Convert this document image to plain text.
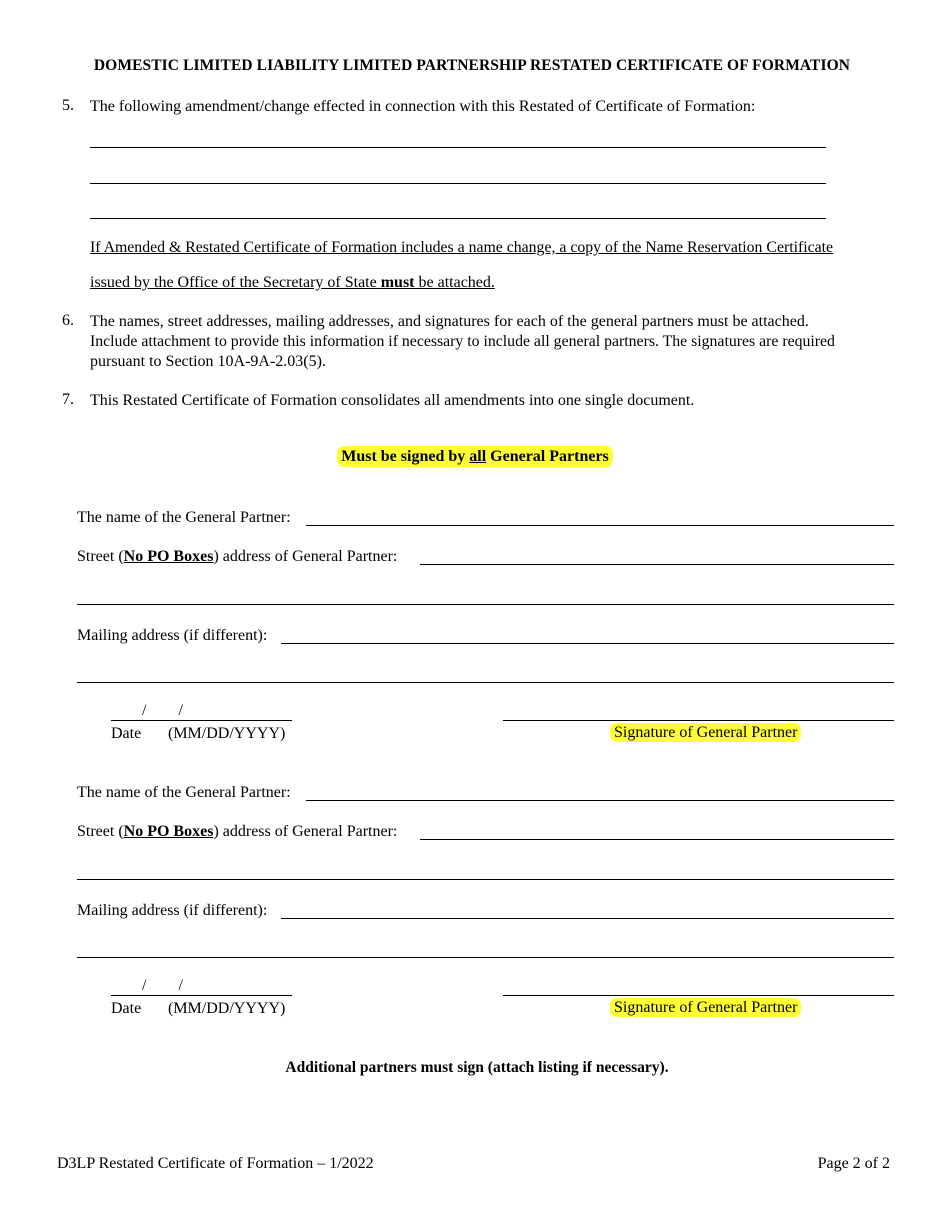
DOMESTIC LIMITED LIABILITY LIMITED PARTNERSHIP RESTATED CERTIFICATE OF FORMATION
5. The following amendment/change effected in connection with this Restated of Certificate of Formation:
If Amended & Restated Certificate of Formation includes a name change, a copy of the Name Reservation Certificate
issued by the Office of the Secretary of State must be attached.
6. The names, street addresses, mailing addresses, and signatures for each of the general partners must be attached.
Include attachment to provide this information if necessary to include all general partners. The signatures are required
pursuant to Section 10A-9A-2.03(5).
7. This Restated Certificate of Formation consolidates all amendments into one single document.
Must be signed by all General Partners
The name of the General Partner:
Street (No PO Boxes) address of General Partner:
Mailing address (if different):
/        /
Date (MM/DD/YYYY)	Signature of General Partner
The name of the General Partner:
Street (No PO Boxes) address of General Partner:
Mailing address (if different):
/        /
Date (MM/DD/YYYY)	Signature of General Partner
Additional partners must sign (attach listing if necessary).
D3LP Restated Certificate of Formation – 1/2022	Page 2 of 2
